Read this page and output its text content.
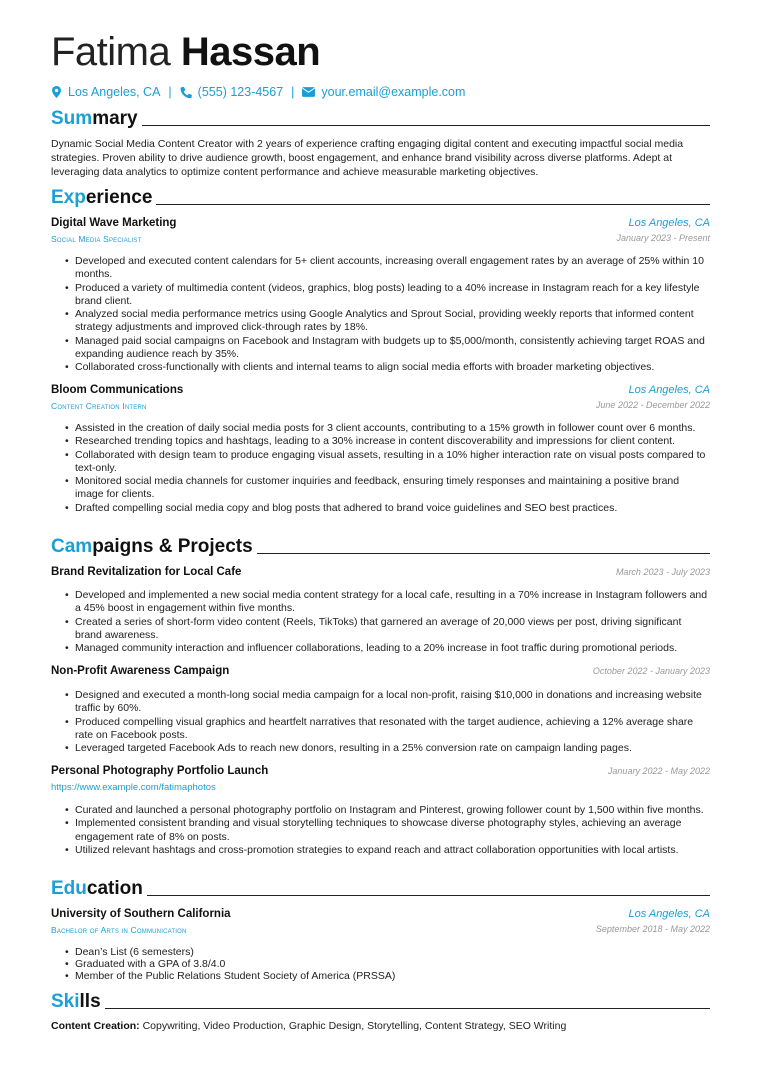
Fatima Hassan
Los Angeles, CA | (555) 123-4567 | your.email@example.com
Summary
Dynamic Social Media Content Creator with 2 years of experience crafting engaging digital content and executing impactful social media strategies. Proven ability to drive audience growth, boost engagement, and enhance brand visibility across diverse platforms. Adept at leveraging data analytics to optimize content performance and achieve measurable marketing objectives.
Experience
Digital Wave Marketing	Los Angeles, CA
Social Media Specialist	January 2023 - Present
• Developed and executed content calendars for 5+ client accounts, increasing overall engagement rates by an average of 25% within 10 months.
• Produced a variety of multimedia content (videos, graphics, blog posts) leading to a 40% increase in Instagram reach for a key lifestyle brand client.
• Analyzed social media performance metrics using Google Analytics and Sprout Social, providing weekly reports that informed content strategy adjustments and improved click-through rates by 18%.
• Managed paid social campaigns on Facebook and Instagram with budgets up to $5,000/month, consistently achieving target ROAS and expanding audience reach by 35%.
• Collaborated cross-functionally with clients and internal teams to align social media efforts with broader marketing objectives.
Bloom Communications	Los Angeles, CA
Content Creation Intern	June 2022 - December 2022
• Assisted in the creation of daily social media posts for 3 client accounts, contributing to a 15% growth in follower count over 6 months.
• Researched trending topics and hashtags, leading to a 30% increase in content discoverability and impressions for client content.
• Collaborated with design team to produce engaging visual assets, resulting in a 10% higher interaction rate on visual posts compared to text-only.
• Monitored social media channels for customer inquiries and feedback, ensuring timely responses and maintaining a positive brand image for clients.
• Drafted compelling social media copy and blog posts that adhered to brand voice guidelines and SEO best practices.
Campaigns & Projects
Brand Revitalization for Local Cafe	March 2023 - July 2023
• Developed and implemented a new social media content strategy for a local cafe, resulting in a 70% increase in Instagram followers and a 45% boost in engagement within five months.
• Created a series of short-form video content (Reels, TikToks) that garnered an average of 20,000 views per post, driving significant brand awareness.
• Managed community interaction and influencer collaborations, leading to a 20% increase in foot traffic during promotional periods.
Non-Profit Awareness Campaign	October 2022 - January 2023
• Designed and executed a month-long social media campaign for a local non-profit, raising $10,000 in donations and increasing website traffic by 60%.
• Produced compelling visual graphics and heartfelt narratives that resonated with the target audience, achieving a 12% average share rate on Facebook posts.
• Leveraged targeted Facebook Ads to reach new donors, resulting in a 25% conversion rate on campaign landing pages.
Personal Photography Portfolio Launch	January 2022 - May 2022
https://www.example.com/fatimaphotos
• Curated and launched a personal photography portfolio on Instagram and Pinterest, growing follower count by 1,500 within five months.
• Implemented consistent branding and visual storytelling techniques to showcase diverse photography styles, achieving an average engagement rate of 8% on posts.
• Utilized relevant hashtags and cross-promotion strategies to expand reach and attract collaboration opportunities with local artists.
Education
University of Southern California	Los Angeles, CA
Bachelor of Arts in Communication	September 2018 - May 2022
• Dean’s List (6 semesters)
• Graduated with a GPA of 3.8/4.0
• Member of the Public Relations Student Society of America (PRSSA)
Skills
Content Creation: Copywriting, Video Production, Graphic Design, Storytelling, Content Strategy, SEO Writing
